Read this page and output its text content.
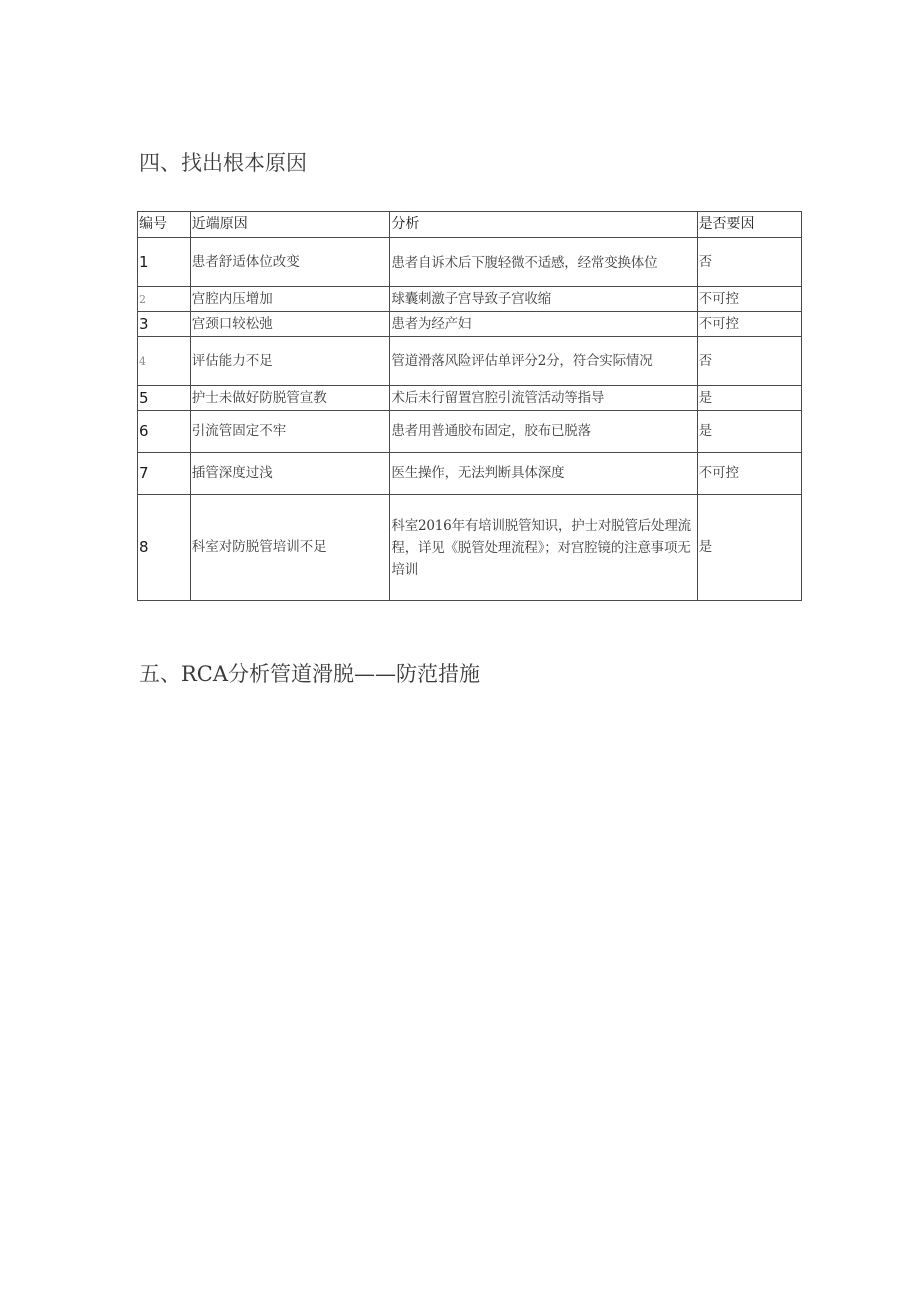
四、找出根本原因
编号	近端原因	分析	是否要因
1	患者舒适体位改变	患者自诉术后下腹轻微不适感，经常变换体位	否
2	宫腔内压增加	球囊刺激子宫导致子宫收缩	不可控
3	宫颈口较松弛	患者为经产妇	不可控
4	评估能力不足	管道滑落风险评估单评分2分，符合实际情况	否
5	护士未做好防脱管宣教	术后未行留置宫腔引流管活动等指导	是
6	引流管固定不牢	患者用普通胶布固定，胶布已脱落	是
7	插管深度过浅	医生操作，无法判断具体深度	不可控
8	科室对防脱管培训不足	科室2016年有培训脱管知识，护士对脱管后处理流程，详见《脱管处理流程》；对宫腔镜的注意事项无培训	是
五、RCA分析管道滑脱——防范措施
